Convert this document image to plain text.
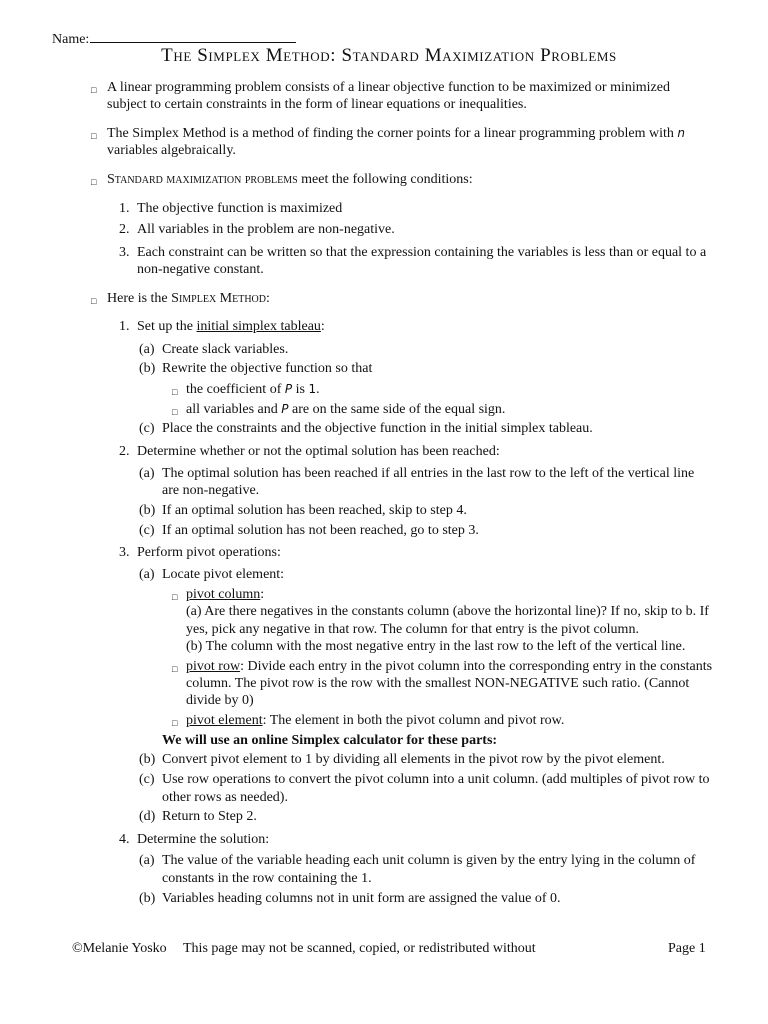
Name:
The Simplex Method: Standard Maximization Problems
□ A linear programming problem consists of a linear objective function to be maximized or minimized
subject to certain constraints in the form of linear equations or inequalities.
□ The Simplex Method is a method of finding the corner points for a linear programming problem with n
variables algebraically.
□ Standard maximization problems meet the following conditions:
1. The objective function is maximized
2. All variables in the problem are non-negative.
3. Each constraint can be written so that the expression containing the variables is less than or equal to a
non-negative constant.
□ Here is the Simplex Method:
1. Set up the initial simplex tableau:
(a) Create slack variables.
(b) Rewrite the objective function so that
□ the coefficient of P is 1.
□ all variables and P are on the same side of the equal sign.
(c) Place the constraints and the objective function in the initial simplex tableau.
2. Determine whether or not the optimal solution has been reached:
(a) The optimal solution has been reached if all entries in the last row to the left of the vertical line
are non-negative.
(b) If an optimal solution has been reached, skip to step 4.
(c) If an optimal solution has not been reached, go to step 3.
3. Perform pivot operations:
(a) Locate pivot element:
□ pivot column:
(a) Are there negatives in the constants column (above the horizontal line)? If no, skip to b. If
yes, pick any negative in that row. The column for that entry is the pivot column.
(b) The column with the most negative entry in the last row to the left of the vertical line.
□ pivot row: Divide each entry in the pivot column into the corresponding entry in the constants
column. The pivot row is the row with the smallest NON-NEGATIVE such ratio. (Cannot
divide by 0)
□ pivot element: The element in both the pivot column and pivot row.
We will use an online Simplex calculator for these parts:
(b) Convert pivot element to 1 by dividing all elements in the pivot row by the pivot element.
(c) Use row operations to convert the pivot column into a unit column. (add multiples of pivot row to
other rows as needed).
(d) Return to Step 2.
4. Determine the solution:
(a) The value of the variable heading each unit column is given by the entry lying in the column of
constants in the row containing the 1.
(b) Variables heading columns not in unit form are assigned the value of 0.
©Melanie Yosko This page may not be scanned, copied, or redistributed without	Page 1
